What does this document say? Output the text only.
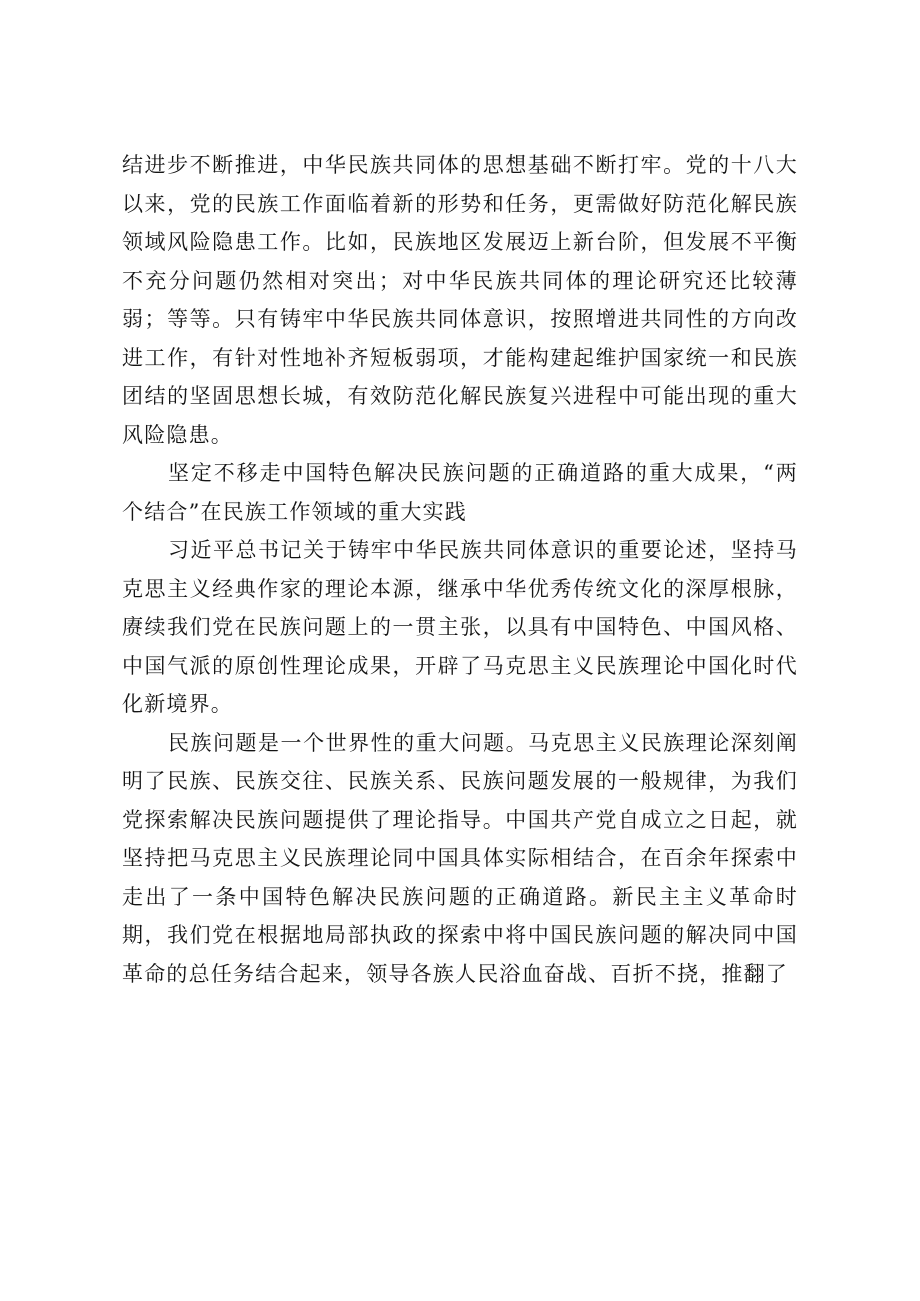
结进步不断推进，中华民族共同体的思想基础不断打牢。党的十八大以来，党的民族工作面临着新的形势和任务，更需做好防范化解民族领域风险隐患工作。比如，民族地区发展迈上新台阶，但发展不平衡不充分问题仍然相对突出；对中华民族共同体的理论研究还比较薄弱；等等。只有铸牢中华民族共同体意识，按照增进共同性的方向改进工作，有针对性地补齐短板弱项，才能构建起维护国家统一和民族团结的坚固思想长城，有效防范化解民族复兴进程中可能出现的重大风险隐患。

坚定不移走中国特色解决民族问题的正确道路的重大成果，“两个结合”在民族工作领域的重大实践

习近平总书记关于铸牢中华民族共同体意识的重要论述，坚持马克思主义经典作家的理论本源，继承中华优秀传统文化的深厚根脉，赓续我们党在民族问题上的一贯主张，以具有中国特色、中国风格、中国气派的原创性理论成果，开辟了马克思主义民族理论中国化时代化新境界。

民族问题是一个世界性的重大问题。马克思主义民族理论深刻阐明了民族、民族交往、民族关系、民族问题发展的一般规律，为我们党探索解决民族问题提供了理论指导。中国共产党自成立之日起，就坚持把马克思主义民族理论同中国具体实际相结合，在百余年探索中走出了一条中国特色解决民族问题的正确道路。新民主主义革命时期，我们党在根据地局部执政的探索中将中国民族问题的解决同中国革命的总任务结合起来，领导各族人民浴血奋战、百折不挠，推翻了
